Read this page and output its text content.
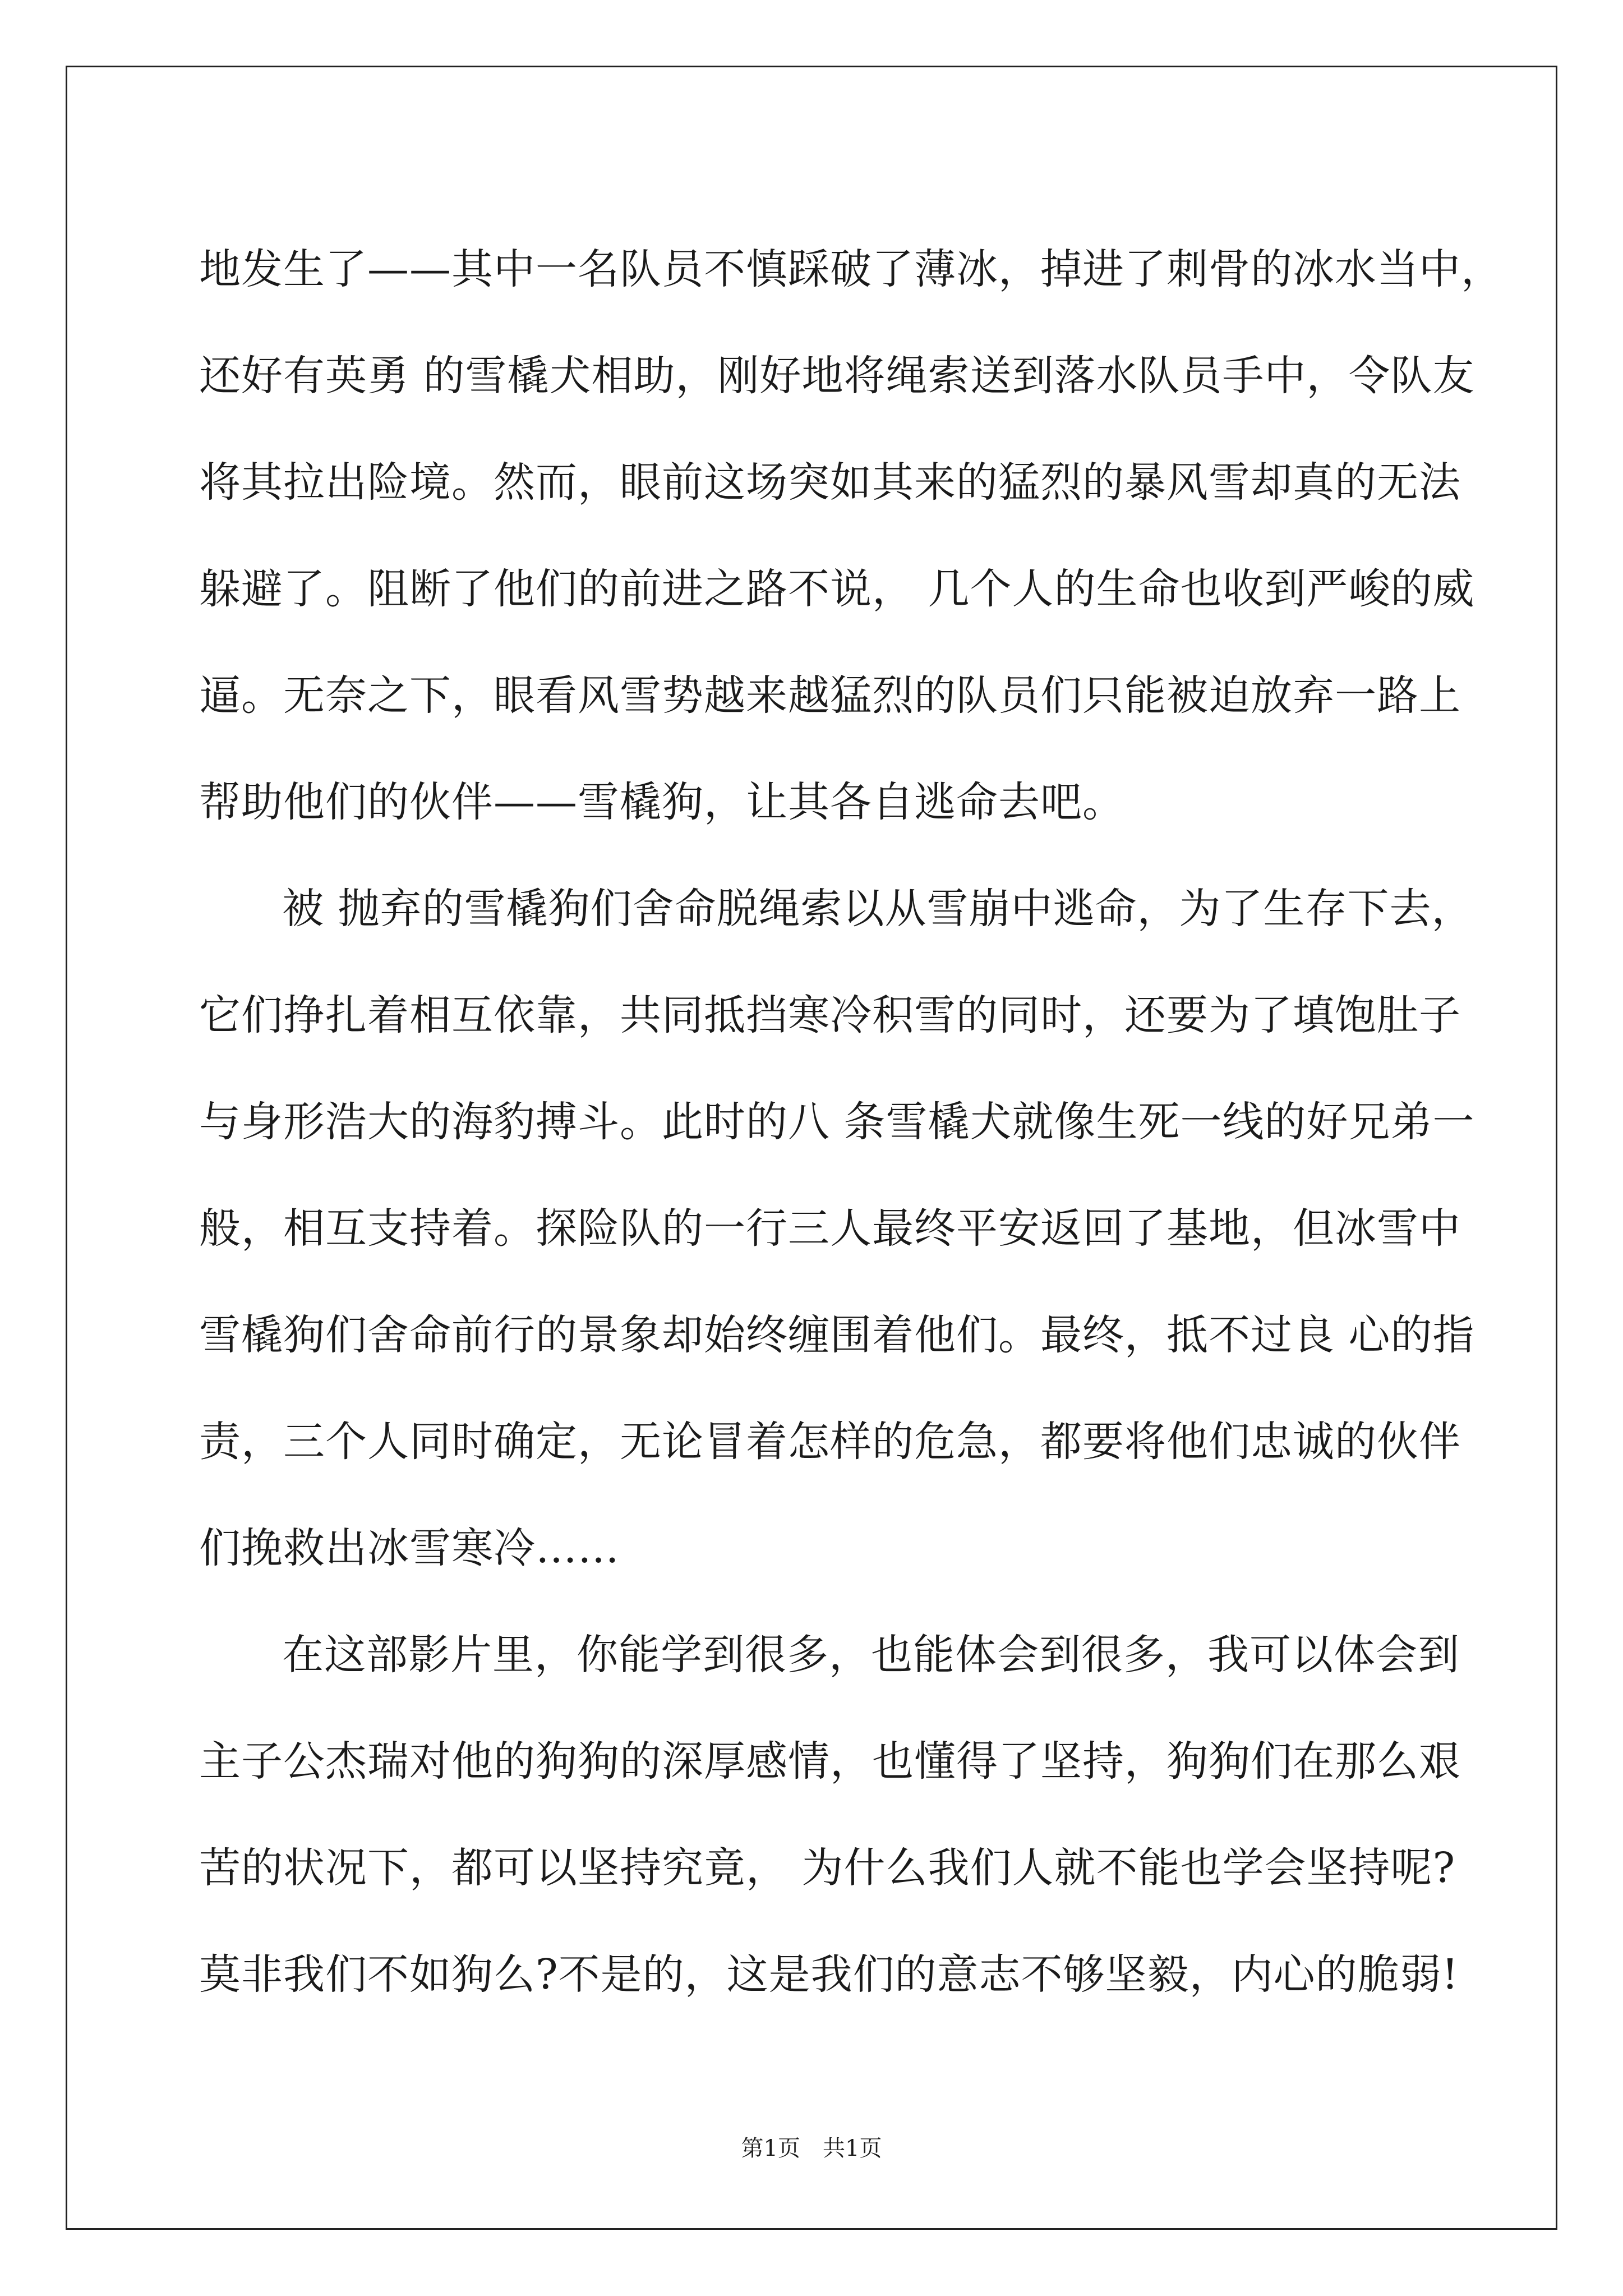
地发生了——其中一名队员不慎踩破了薄冰，掉进了刺骨的冰水当中，
还好有英勇 的雪橇犬相助，刚好地将绳索送到落水队员手中，令队友
将其拉出险境。然而，眼前这场突如其来的猛烈的暴风雪却真的无法
躲避了。阻断了他们的前进之路不说， 几个人的生命也收到严峻的威
逼。无奈之下，眼看风雪势越来越猛烈的队员们只能被迫放弃一路上
帮助他们的伙伴——雪橇狗，让其各自逃命去吧。
被 抛弃的雪橇狗们舍命脱绳索以从雪崩中逃命，为了生存下去，
它们挣扎着相互依靠，共同抵挡寒冷积雪的同时，还要为了填饱肚子
与身形浩大的海豹搏斗。此时的八 条雪橇犬就像生死一线的好兄弟一
般，相互支持着。探险队的一行三人最终平安返回了基地，但冰雪中
雪橇狗们舍命前行的景象却始终缠围着他们。最终，抵不过良 心的指
责，三个人同时确定，无论冒着怎样的危急，都要将他们忠诚的伙伴
们挽救出冰雪寒冷……
在这部影片里，你能学到很多，也能体会到很多，我可以体会到
主子公杰瑞对他的狗狗的深厚感情，也懂得了坚持，狗狗们在那么艰
苦的状况下，都可以坚持究竟， 为什么我们人就不能也学会坚持呢?
莫非我们不如狗么?不是的，这是我们的意志不够坚毅，内心的脆弱!
第1页　共1页
